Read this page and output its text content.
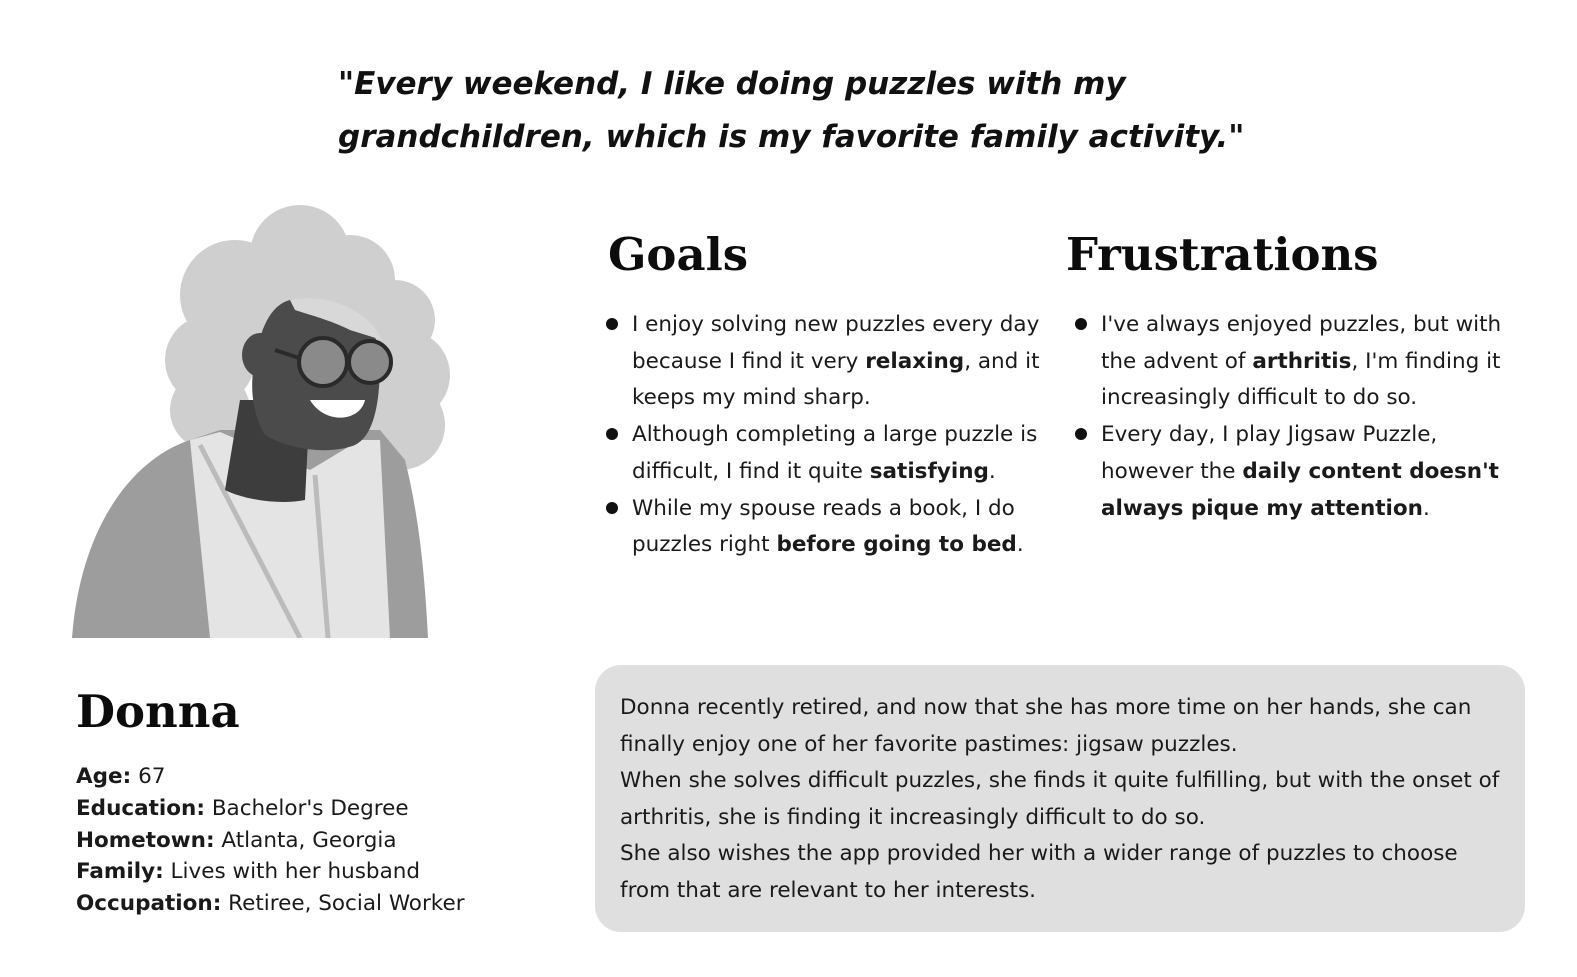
"Every weekend, I like doing puzzles with my grandchildren, which is my favorite family activity."

Goals	Frustrations
I enjoy solving new puzzles every day because I find it very relaxing, and it keeps my mind sharp.
Although completing a large puzzle is difficult, I find it quite satisfying.
While my spouse reads a book, I do puzzles right before going to bed.
I've always enjoyed puzzles, but with the advent of arthritis, I'm finding it increasingly difficult to do so.
Every day, I play Jigsaw Puzzle, however the daily content doesn't always pique my attention.
Donna
Age: 67
Education: Bachelor's Degree
Hometown: Atlanta, Georgia
Family: Lives with her husband
Occupation: Retiree, Social Worker

Donna recently retired, and now that she has more time on her hands, she can finally enjoy one of her favorite pastimes: jigsaw puzzles.

When she solves difficult puzzles, she finds it quite fulfilling, but with the onset of arthritis, she is finding it increasingly difficult to do so.

She also wishes the app provided her with a wider range of puzzles to choose from that are relevant to her interests.
